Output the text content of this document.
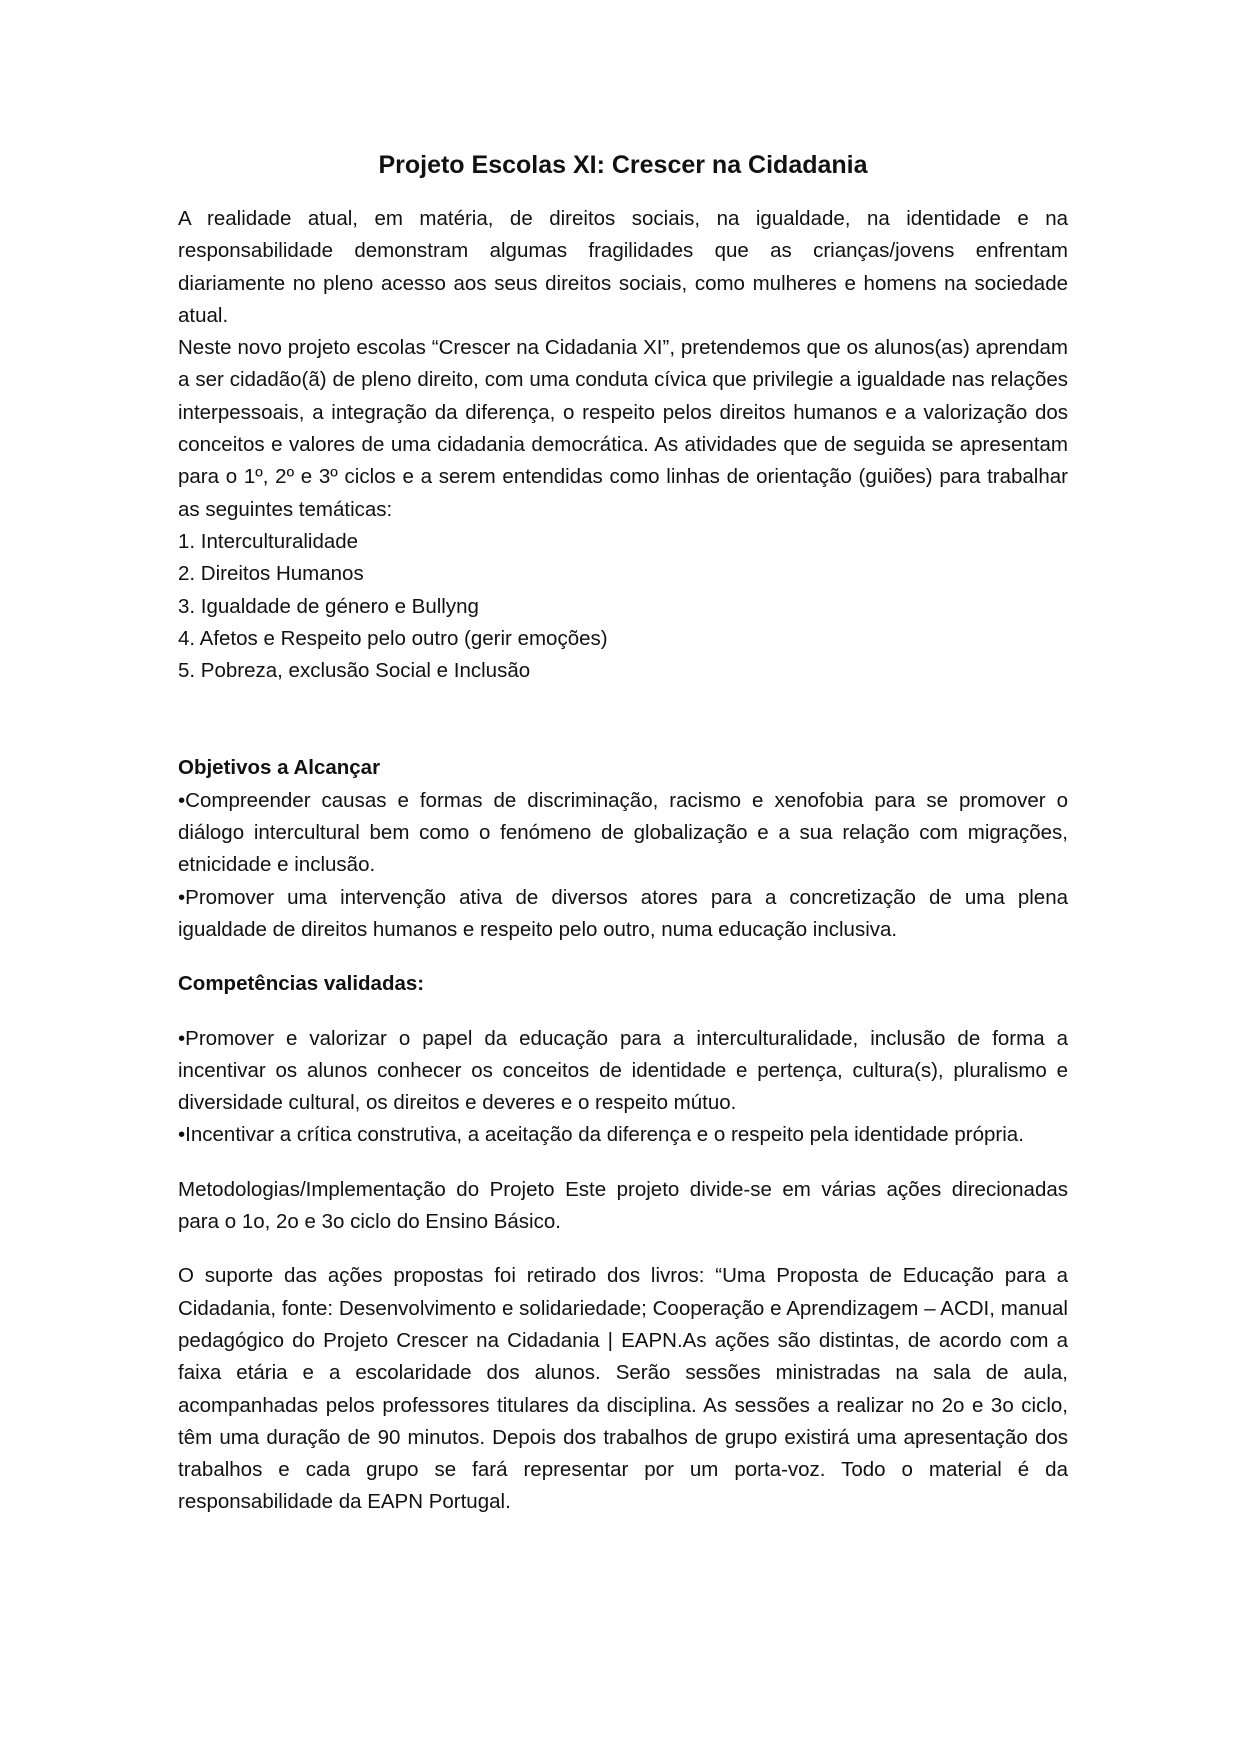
Projeto Escolas XI: Crescer na Cidadania

A realidade atual, em matéria, de direitos sociais, na igualdade, na identidade e na responsabilidade demonstram algumas fragilidades que as crianças/jovens enfrentam diariamente no pleno acesso aos seus direitos sociais, como mulheres e homens na sociedade atual.

Neste novo projeto escolas “Crescer na Cidadania XI”, pretendemos que os alunos(as) aprendam a ser cidadão(ã) de pleno direito, com uma conduta cívica que privilegie a igualdade nas relações interpessoais, a integração da diferença, o respeito pelos direitos humanos e a valorização dos conceitos e valores de uma cidadania democrática. As atividades que de seguida se apresentam para o 1º, 2º e 3º ciclos e a serem entendidas como linhas de orientação (guiões) para trabalhar as seguintes temáticas:

1. Interculturalidade
2. Direitos Humanos
3. Igualdade de género e Bullyng
4. Afetos e Respeito pelo outro (gerir emoções)
5. Pobreza, exclusão Social e Inclusão

Objetivos a Alcançar

•Compreender causas e formas de discriminação, racismo e xenofobia para se promover o diálogo intercultural bem como o fenómeno de globalização e a sua relação com migrações, etnicidade e inclusão.

•Promover uma intervenção ativa de diversos atores para a concretização de uma plena igualdade de direitos humanos e respeito pelo outro, numa educação inclusiva.

Competências validadas:

•Promover e valorizar o papel da educação para a interculturalidade, inclusão de forma a incentivar os alunos conhecer os conceitos de identidade e pertença, cultura(s), pluralismo e diversidade cultural, os direitos e deveres e o respeito mútuo.

•Incentivar a crítica construtiva, a aceitação da diferença e o respeito pela identidade própria.

Metodologias/Implementação do Projeto Este projeto divide-se em várias ações direcionadas para o 1o, 2o e 3o ciclo do Ensino Básico.

O suporte das ações propostas foi retirado dos livros: “Uma Proposta de Educação para a Cidadania, fonte: Desenvolvimento e solidariedade; Cooperação e Aprendizagem – ACDI, manual pedagógico do Projeto Crescer na Cidadania | EAPN.As ações são distintas, de acordo com a faixa etária e a escolaridade dos alunos. Serão sessões ministradas na sala de aula, acompanhadas pelos professores titulares da disciplina. As sessões a realizar no 2o e 3o ciclo, têm uma duração de 90 minutos. Depois dos trabalhos de grupo existirá uma apresentação dos trabalhos e cada grupo se fará representar por um porta-voz. Todo o material é da responsabilidade da EAPN Portugal.
